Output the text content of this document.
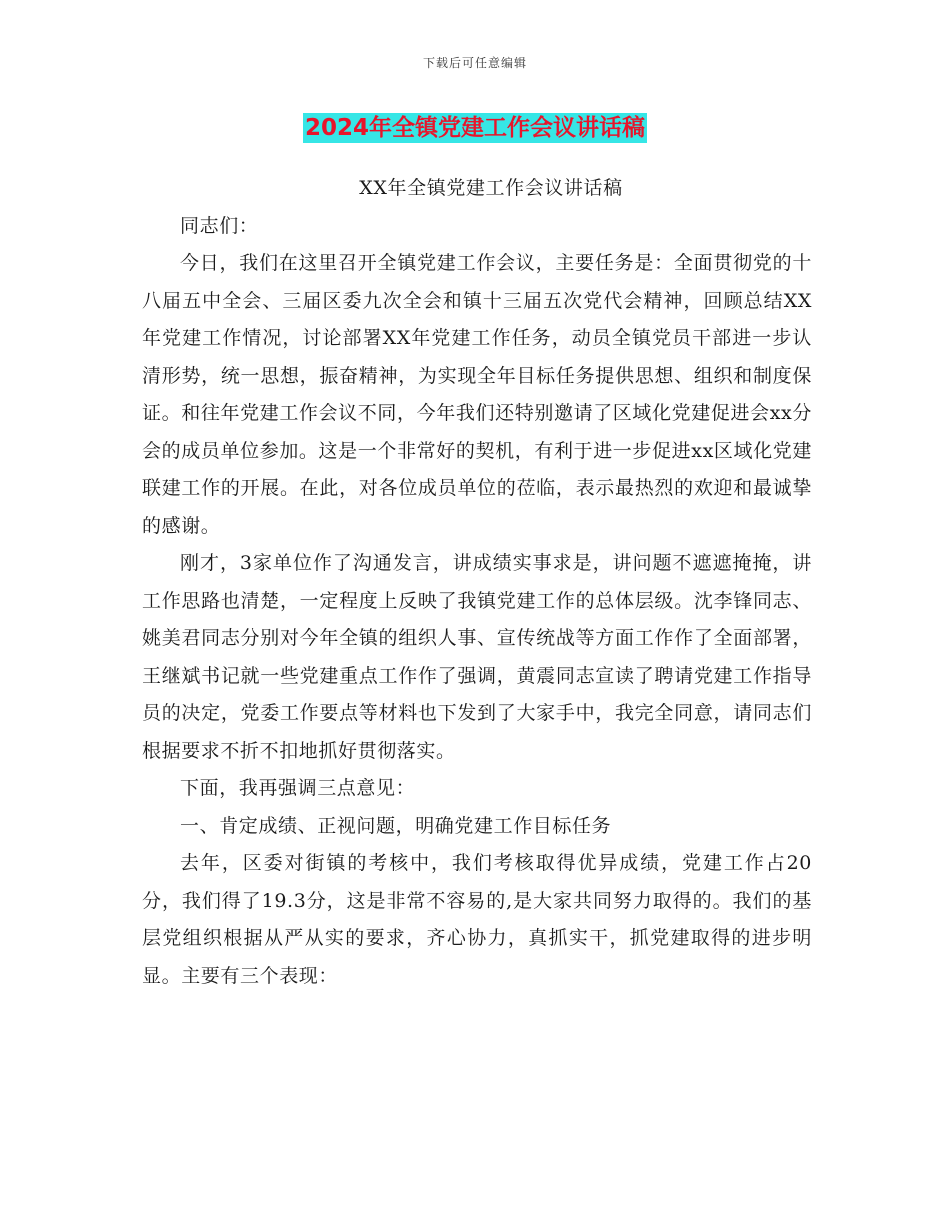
下载后可任意编辑
2024年全镇党建工作会议讲话稿

XX年全镇党建工作会议讲话稿

同志们：

今日，我们在这里召开全镇党建工作会议，主要任务是：全面贯彻党的十八届五中全会、三届区委九次全会和镇十三届五次党代会精神，回顾总结XX年党建工作情况，讨论部署XX年党建工作任务，动员全镇党员干部进一步认清形势，统一思想，振奋精神，为实现全年目标任务提供思想、组织和制度保证。和往年党建工作会议不同，今年我们还特别邀请了区域化党建促进会xx分会的成员单位参加。这是一个非常好的契机，有利于进一步促进xx区域化党建联建工作的开展。在此，对各位成员单位的莅临，表示最热烈的欢迎和最诚挚的感谢。

刚才，3家单位作了沟通发言，讲成绩实事求是，讲问题不遮遮掩掩，讲工作思路也清楚，一定程度上反映了我镇党建工作的总体层级。沈李锋同志、姚美君同志分别对今年全镇的组织人事、宣传统战等方面工作作了全面部署，王继斌书记就一些党建重点工作作了强调，黄震同志宣读了聘请党建工作指导员的决定，党委工作要点等材料也下发到了大家手中，我完全同意，请同志们根据要求不折不扣地抓好贯彻落实。

下面，我再强调三点意见：

一、肯定成绩、正视问题，明确党建工作目标任务

去年，区委对街镇的考核中，我们考核取得优异成绩，党建工作占20分，我们得了19.3分，这是非常不容易的,是大家共同努力取得的。我们的基层党组织根据从严从实的要求，齐心协力，真抓实干，抓党建取得的进步明显。主要有三个表现：
